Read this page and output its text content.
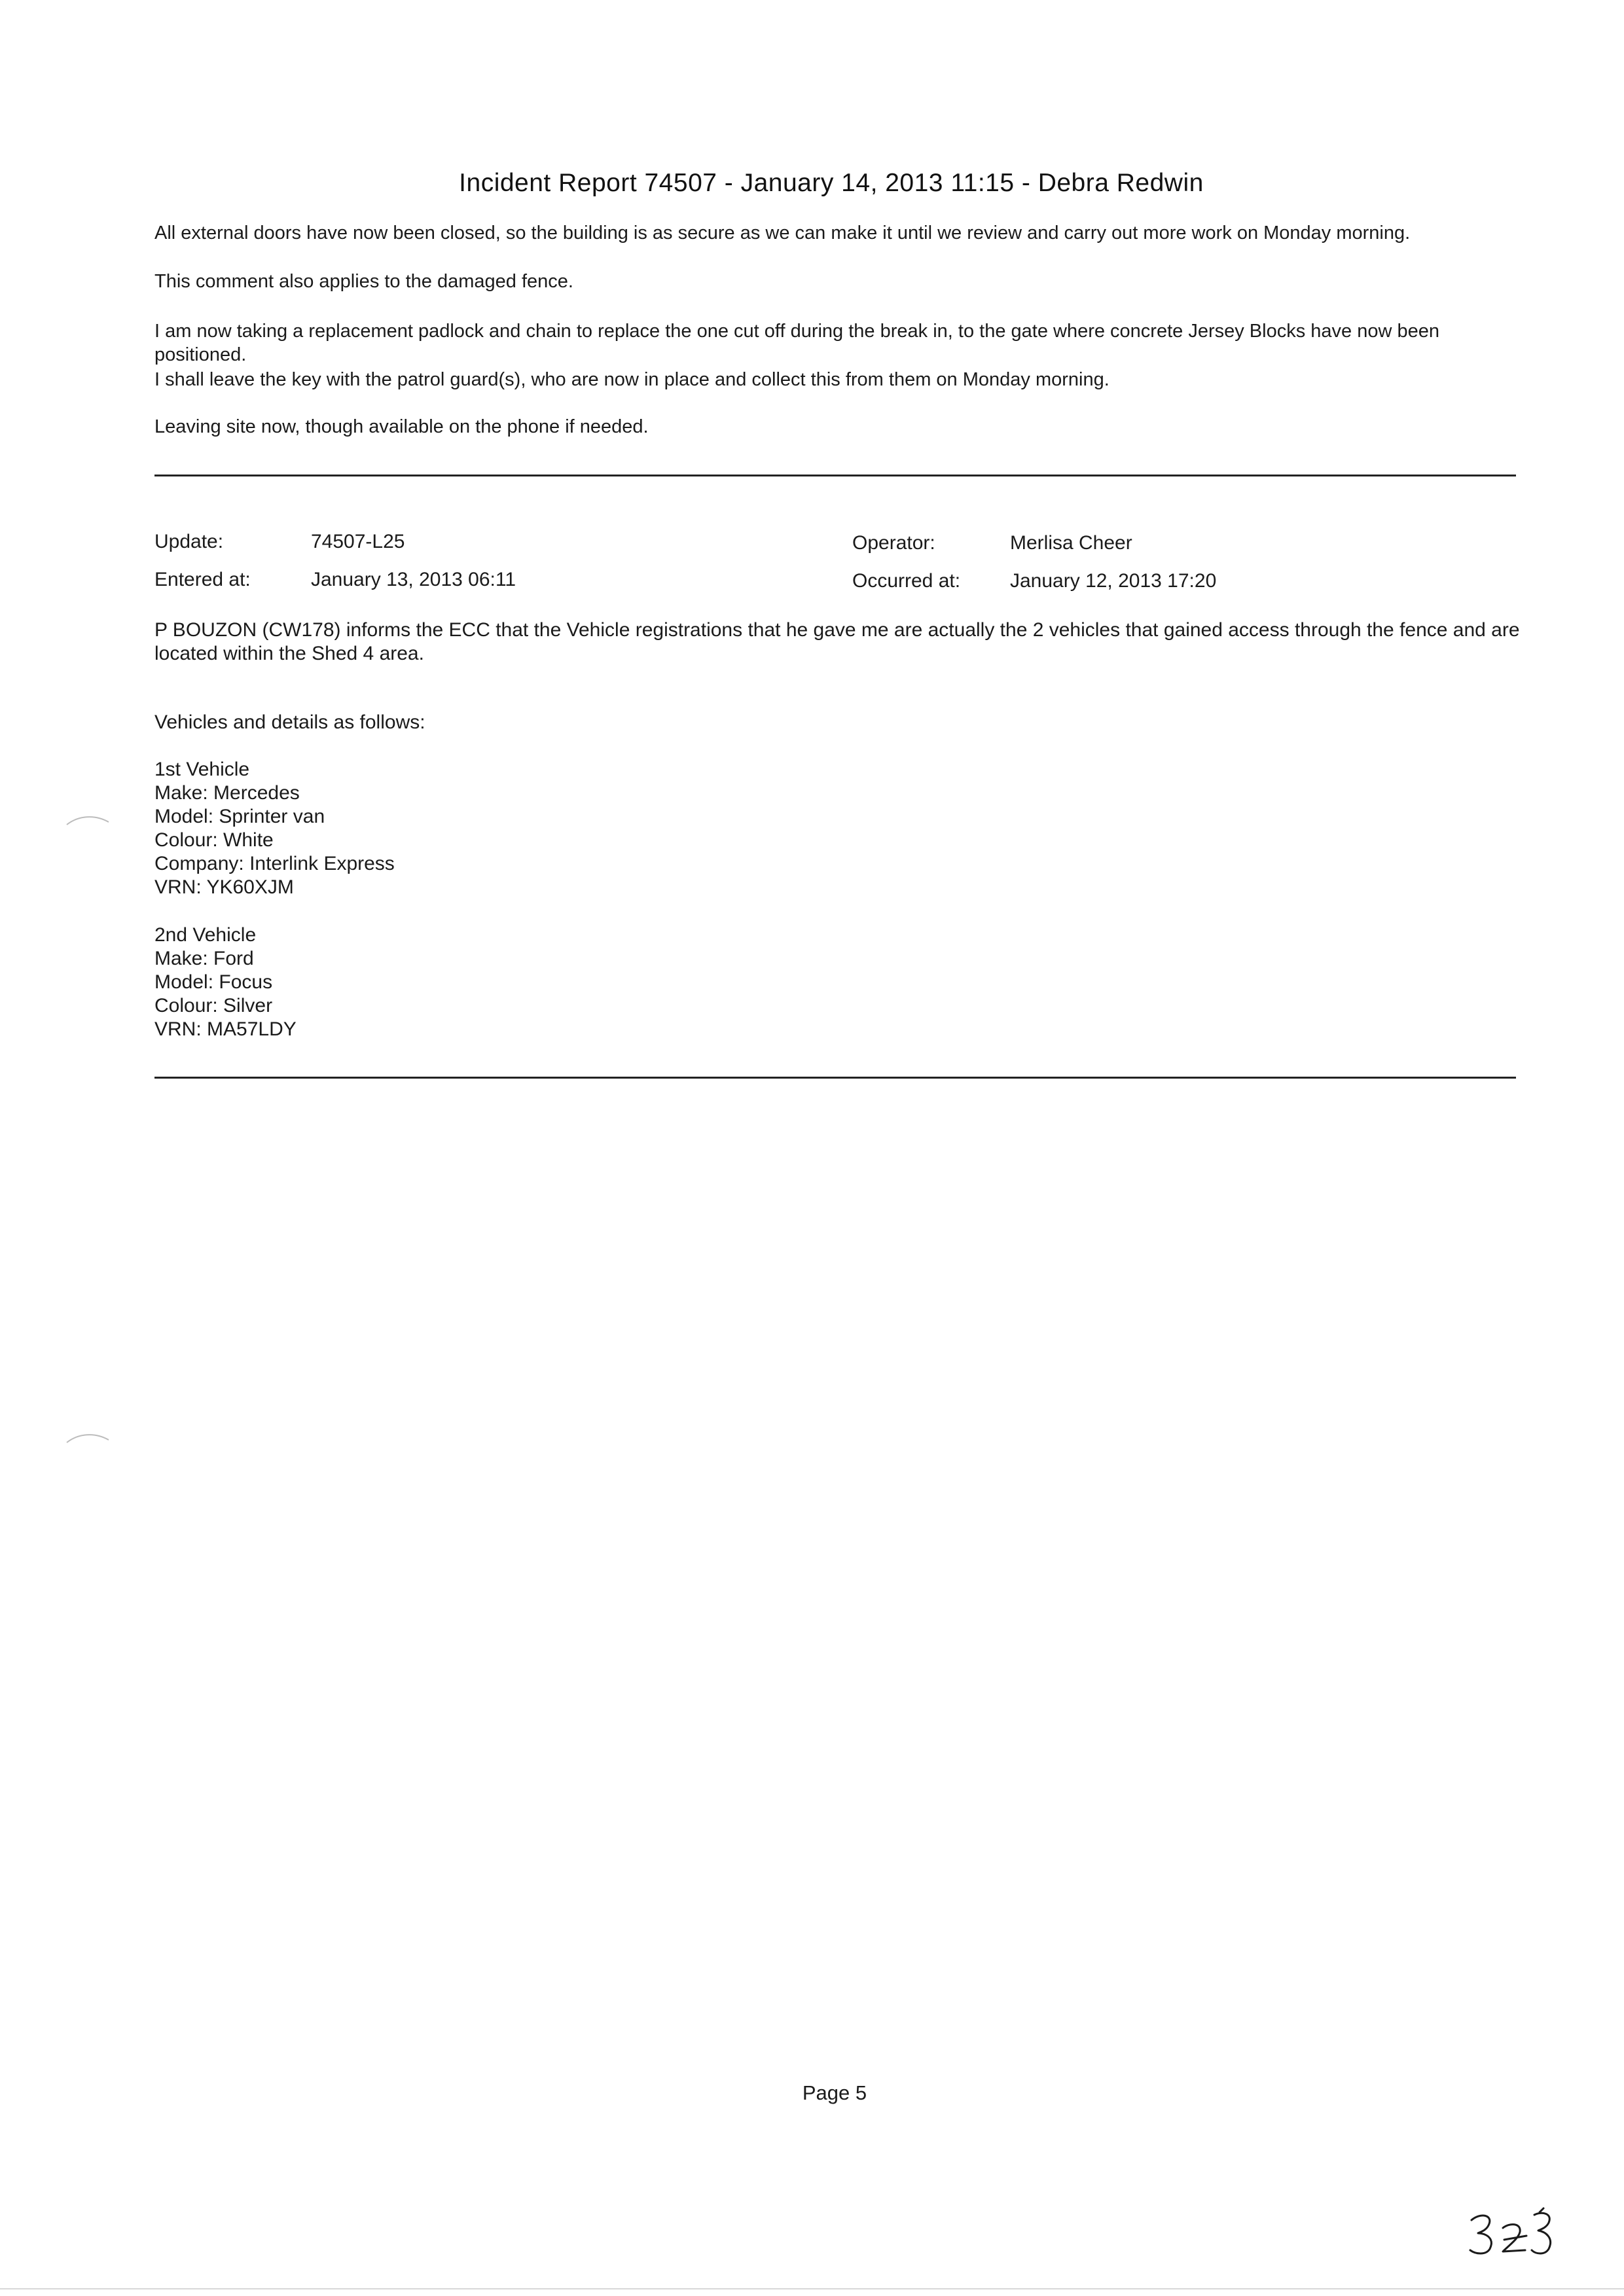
Incident Report 74507 - January 14, 2013 11:15 - Debra Redwin
All external doors have now been closed, so the building is as secure as we can make it until we review and carry out more work on Monday morning.
This comment also applies to the damaged fence.
I am now taking a replacement padlock and chain to replace the one cut off during the break in, to the gate where concrete Jersey Blocks have now been positioned.
I shall leave the key with the patrol guard(s), who are now in place and collect this from them on Monday morning.
Leaving site now, though available on the phone if needed.
Update:	74507-L25
Entered at:	January 13, 2013 06:11
Operator:	Merlisa Cheer
Occurred at:	January 12, 2013 17:20
P BOUZON (CW178) informs the ECC that the Vehicle registrations that he gave me are actually the 2 vehicles that gained access through the fence and are located within the Shed 4 area.
Vehicles and details as follows:
1st Vehicle
Make: Mercedes
Model: Sprinter van
Colour: White
Company: Interlink Express
VRN: YK60XJM
2nd Vehicle
Make: Ford
Model: Focus
Colour: Silver
VRN: MA57LDY
Page 5
